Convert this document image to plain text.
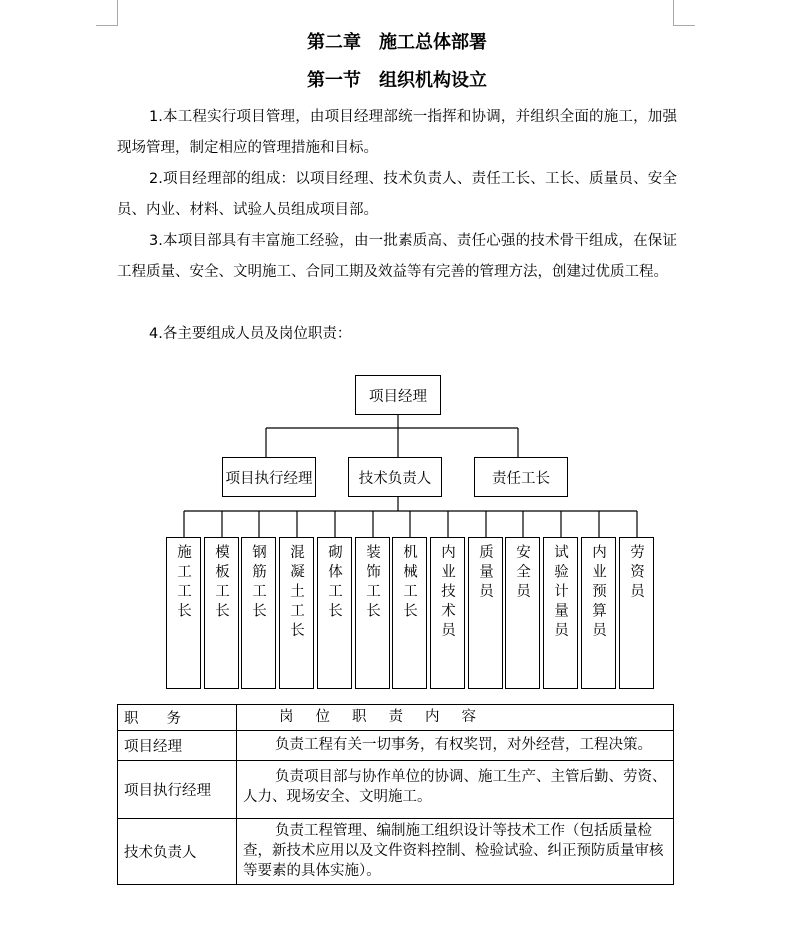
第二章　施工总体部署
第一节　组织机构设立
1.本工程实行项目管理，由项目经理部统一指挥和协调，并组织全面的施工，加强现场管理，制定相应的管理措施和目标。
2.项目经理部的组成：以项目经理、技术负责人、责任工长、工长、质量员、安全员、内业、材料、试验人员组成项目部。
3.本项目部具有丰富施工经验，由一批素质高、责任心强的技术骨干组成，在保证工程质量、安全、文明施工、合同工期及效益等有完善的管理方法，创建过优质工程。
4.各主要组成人员及岗位职责：
项目经理
项目执行经理	技术负责人	责任工长
施工工长	模板工长	钢筋工长	混凝土工长	砌体工长	装饰工长	机械工长	内业技术员	质量员	安全员	试验计量员	内业预算员	劳资员
职务	岗位职责内容
项目经理	负责工程有关一切事务，有权奖罚，对外经营，工程决策。
项目执行经理	负责项目部与协作单位的协调、施工生产、主管后勤、劳资、人力、现场安全、文明施工。
技术负责人	负责工程管理、编制施工组织设计等技术工作（包括质量检查，新技术应用以及文件资料控制、检验试验、纠正预防质量审核等要素的具体实施）。
